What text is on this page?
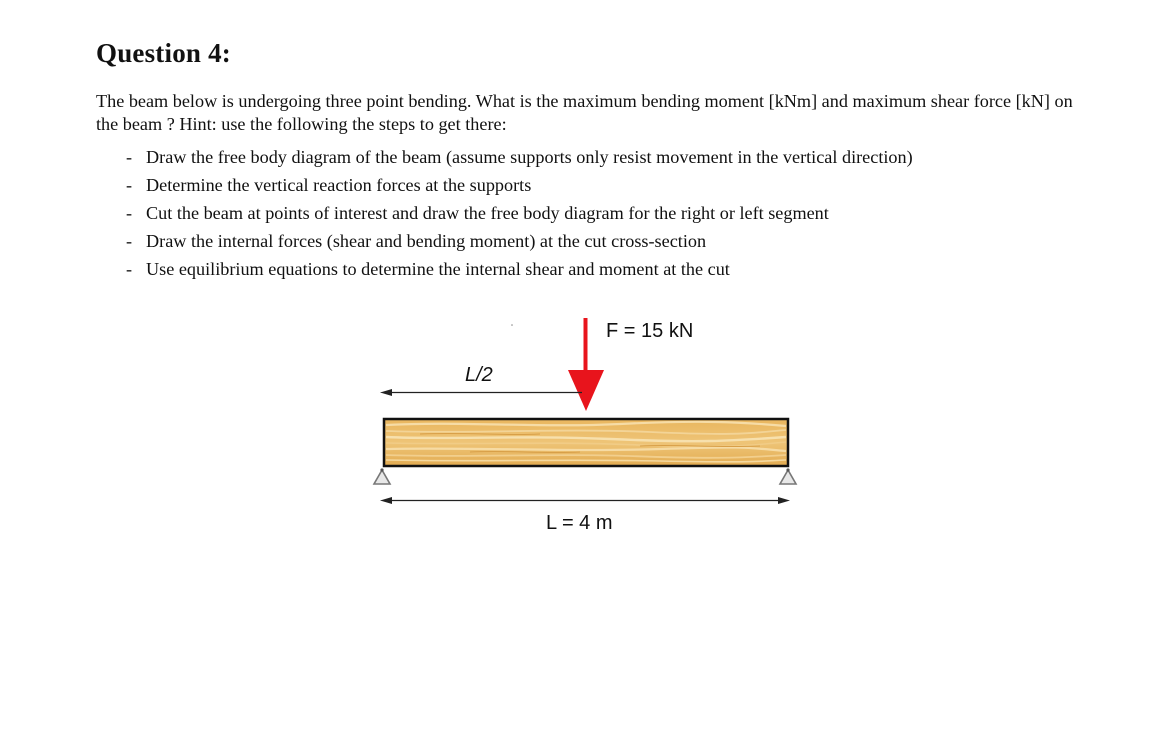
Question 4:

The beam below is undergoing three point bending. What is the maximum bending moment [kNm] and maximum shear force [kN] on the beam ? Hint: use the following the steps to get there:

- Draw the free body diagram of the beam (assume supports only resist movement in the vertical direction)
- Determine the vertical reaction forces at the supports
- Cut the beam at points of interest and draw the free body diagram for the right or left segment
- Draw the internal forces (shear and bending moment) at the cut cross-section
- Use equilibrium equations to determine the internal shear and moment at the cut
F = 15 kN
L/2
L = 4 m
